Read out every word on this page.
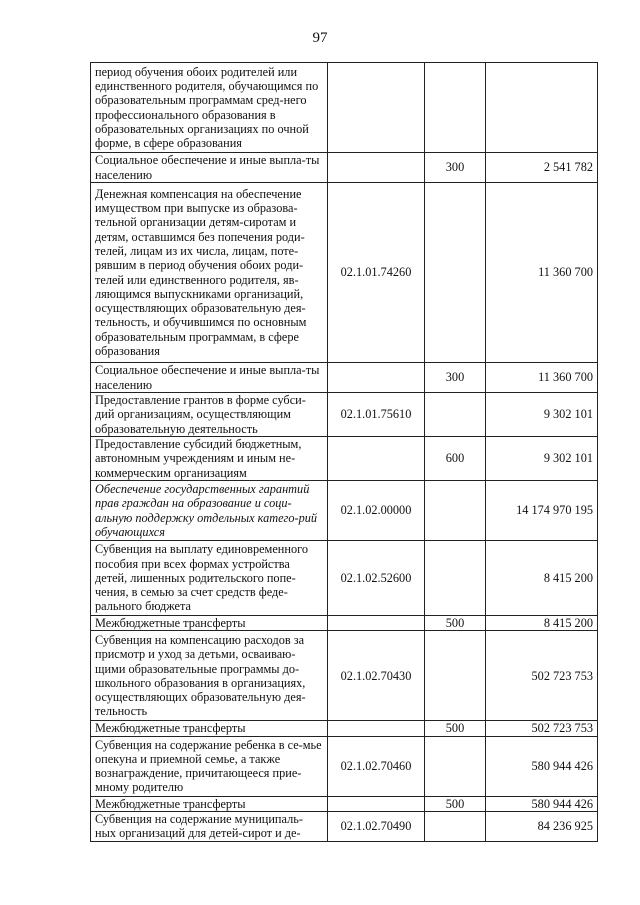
97
период обучения обоих родителей или единственного родителя, обучающимся по образовательным программам сред-него профессионального образования в образовательных организациях по очной форме, в сфере образования			
Социальное обеспечение и иные выпла-ты населению		300	2 541 782
Денежная компенсация на обеспечение имуществом при выпуске из образова-тельной организации детям-сиротам и детям, оставшимся без попечения роди-телей, лицам из их числа, лицам, поте-рявшим в период обучения обоих роди-телей или единственного родителя, яв-ляющимся выпускниками организаций, осуществляющих образовательную дея-тельность, и обучившимся по основным образовательным программам, в сфере образования	02.1.01.74260		11 360 700
Социальное обеспечение и иные выпла-ты населению		300	11 360 700
Предоставление грантов в форме субси-дий организациям, осуществляющим образовательную деятельность	02.1.01.75610		9 302 101
Предоставление субсидий бюджетным, автономным учреждениям и иным не-коммерческим организациям		600	9 302 101
Обеспечение государственных гарантий прав граждан на образование и соци-альную поддержку отдельных катего-рий обучающихся	02.1.02.00000		14 174 970 195
Субвенция на выплату единовременного пособия при всех формах устройства детей, лишенных родительского попе-чения, в семью за счет средств феде-рального бюджета	02.1.02.52600		8 415 200
Межбюджетные трансферты		500	8 415 200
Субвенция на компенсацию расходов за присмотр и уход за детьми, осваиваю-щими образовательные программы до-школьного образования в организациях, осуществляющих образовательную дея-тельность	02.1.02.70430		502 723 753
Межбюджетные трансферты		500	502 723 753
Субвенция на содержание ребенка в се-мье опекуна и приемной семье, а также вознаграждение, причитающееся прие-мному родителю	02.1.02.70460		580 944 426
Межбюджетные трансферты		500	580 944 426
Субвенция на содержание муниципаль-ных организаций для детей-сирот и де-	02.1.02.70490		84 236 925
